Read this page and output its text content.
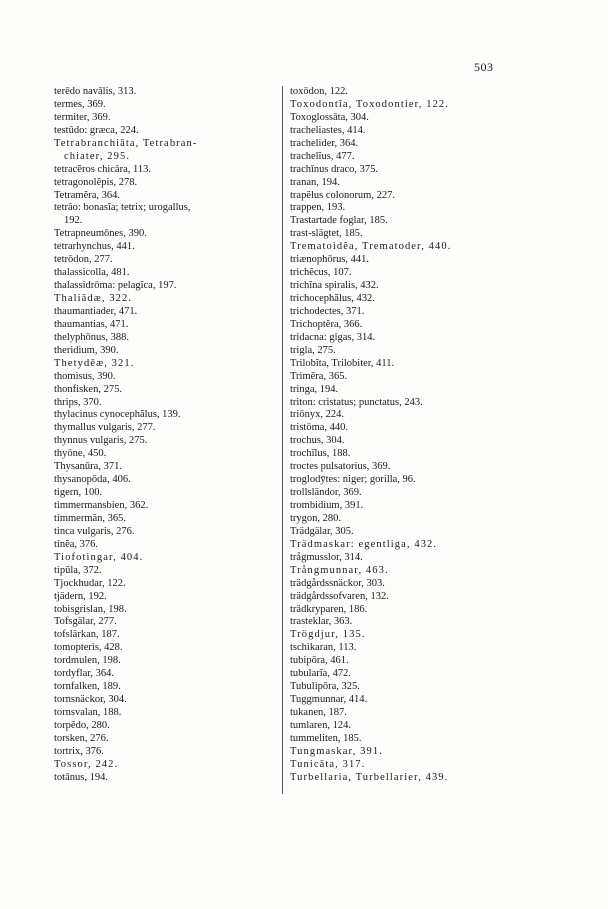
503
terēdo navālis, 313.
termes, 369.
termiter, 369.
testūdo: græca, 224.
Tetrabranchiāta, Tetrabran-
chiater, 295.
tetracĕros chicāra, 113.
tetragonolĕpis, 278.
Tetramĕra, 364.
tetrāo: bonasĭa; tetrix; urogallus,
192.
Tetrapneumōnes, 390.
tetrarhynchus, 441.
tetrōdon, 277.
thalassicolla, 481.
thalassidrōma: pelagĭca, 197.
Thaliădæ, 322.
thaumantiader, 471.
thaumantias, 471.
thelyphōnus, 388.
theridium, 390.
Thetydēæ, 321.
thomisus, 390.
thonfisken, 275.
thrips, 370.
thylacinus cynocephălus, 139.
thymallus vulgaris, 277.
thynnus vulgaris, 275.
thyōne, 450.
Thysanūra, 371.
thysanopōda, 406.
tigern, 100.
timmermansbien, 362.
timmermän, 365.
tinca vulgaris, 276.
tinĕa, 376.
Tiofotingar, 404.
tipŭla, 372.
Tjockhudar, 122.
tjädern, 192.
tobisgrislan, 198.
Tofsgälar, 277.
tofslärkan, 187.
tomopteris, 428.
tordmulen, 198.
tordyflar, 364.
tornfalken, 189.
tornsnäckor, 304.
tornsvalan, 188.
torpēdo, 280.
torsken, 276.
tortrix, 376.
Tossor, 242.
totānus, 194.
toxōdon, 122.
Toxodontĭa, Toxodontier, 122.
Toxoglossāta, 304.
tracheliastes, 414.
trachelider, 364.
trachelĭus, 477.
trachīnus draco, 375.
tranan, 194.
trapĕlus colonorum, 227.
trappen, 193.
Trastartade foglar, 185.
trast-slägtet, 185.
Trematoidĕa, Trematoder, 440.
triænophōrus, 441.
trichĕcus, 107.
trichĭna spiralis, 432.
trichocephălus, 432.
trichodectes, 371.
Trichoptĕra, 366.
tridacna: gigas, 314.
trigla, 275.
Trilobĭta, Trilobiter, 411.
Trimĕra, 365.
tringa, 194.
triton: cristatus; punctatus, 243.
triōnyx, 224.
tristōma, 440.
trochus, 304.
trochĭlus, 188.
troctes pulsatorius, 369.
troglodȳtes: niger; gorilla, 96.
trollsländor, 369.
trombidium, 391.
trygon, 280.
Trädgälar, 305.
Trädmaskar: egentliga, 432.
trågmusslor, 314.
Trångmunnar, 463.
trädgårdssnäckor, 303.
trädgårdssofvaren, 132.
trädkryparen, 186.
trasteklar, 363.
Trögdjur, 135.
tschikaran, 113.
tubipōra, 461.
tubularĭa, 472.
Tubulipōra, 325.
Tuggmunnar, 414.
tukanen, 187.
tumlaren, 124.
tummeliten, 185.
Tungmaskar, 391.
Tunicāta, 317.
Turbellaria, Turbellarier, 439.
